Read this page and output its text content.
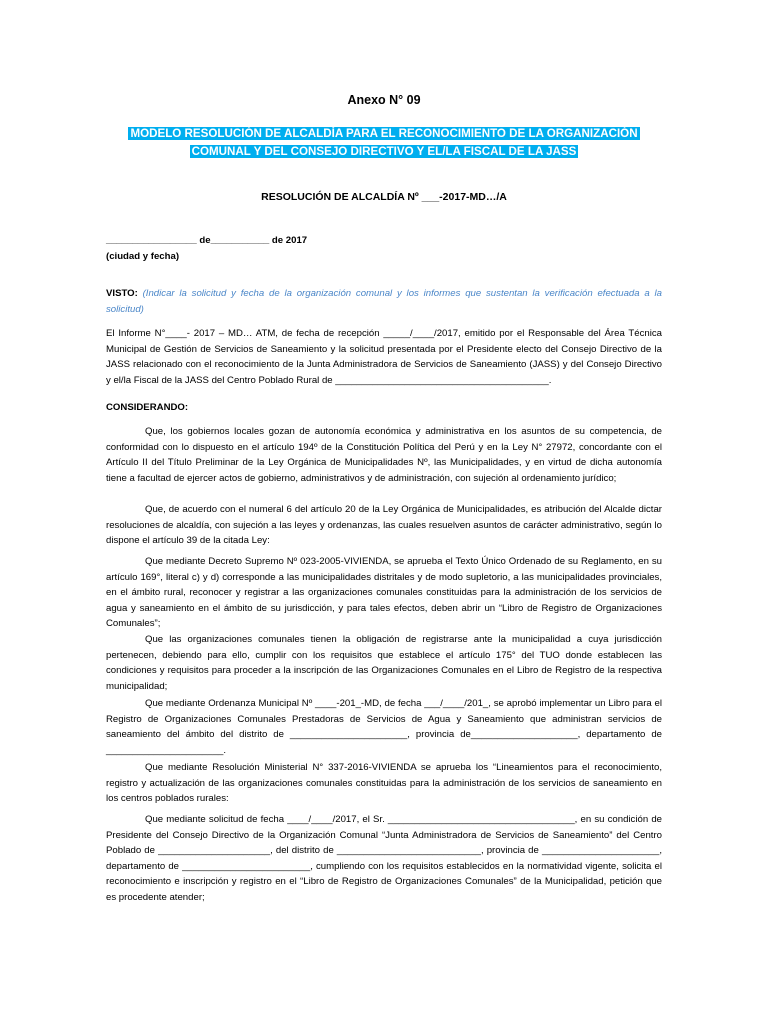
Anexo N° 09
MODELO RESOLUCIÓN DE ALCALDÍA PARA EL RECONOCIMIENTO DE LA ORGANIZACIÓN
COMUNAL Y DEL CONSEJO DIRECTIVO Y EL/LA FISCAL DE LA JASS
RESOLUCIÓN DE ALCALDÍA Nº ___-2017-MD…/A

_________________ de___________ de 2017

(ciudad y fecha)

VISTO: (Indicar la solicitud y fecha de la organización comunal y los informes que sustentan la verificación efectuada a la solicitud)

El Informe N°____- 2017 – MD… ATM, de fecha de recepción _____/____/2017, emitido por el Responsable del Área Técnica Municipal de Gestión de Servicios de Saneamiento y la solicitud presentada por el Presidente electo del Consejo Directivo de la JASS relacionado con el reconocimiento de la Junta Administradora de Servicios de Saneamiento (JASS) y del Consejo Directivo y el/la Fiscal de la JASS del Centro Poblado Rural de ________________________________________.

CONSIDERANDO:

Que, los gobiernos locales gozan de autonomía económica y administrativa en los asuntos de su competencia, de conformidad con lo dispuesto en el artículo 194º de la Constitución Política del Perú y en la Ley N° 27972, concordante con el Artículo II del Título Preliminar de la Ley Orgánica de Municipalidades Nº, las Municipalidades, y en virtud de dicha autonomía tiene a facultad de ejercer actos de gobierno, administrativos y de administración, con sujeción al ordenamiento jurídico;

Que, de acuerdo con el numeral 6 del artículo 20 de la Ley Orgánica de Municipalidades, es atribución del Alcalde dictar resoluciones de alcaldía, con sujeción a las leyes y ordenanzas, las cuales resuelven asuntos de carácter administrativo, según lo dispone el artículo 39 de la citada Ley:

Que mediante Decreto Supremo Nº 023-2005-VIVIENDA, se aprueba el Texto Único Ordenado de su Reglamento, en su artículo 169°, literal c) y d) corresponde a las municipalidades distritales y de modo supletorio, a las municipalidades provinciales, en el ámbito rural, reconocer y registrar a las organizaciones comunales constituidas para la administración de los servicios de agua y saneamiento en el ámbito de su jurisdicción, y para tales efectos, deben abrir un “Libro de Registro de Organizaciones Comunales”;

Que las organizaciones comunales tienen la obligación de registrarse ante la municipalidad a cuya jurisdicción pertenecen, debiendo para ello, cumplir con los requisitos que establece el artículo 175° del TUO donde establecen las condiciones y requisitos para proceder a la inscripción de las Organizaciones Comunales en el Libro de Registro de la respectiva municipalidad;

Que mediante Ordenanza Municipal Nº ____-201_-MD, de fecha ___/____/201_, se aprobó implementar un Libro para el Registro de Organizaciones Comunales Prestadoras de Servicios de Agua y Saneamiento que administran servicios de saneamiento del ámbito del distrito de ______________________, provincia de____________________, departamento de ______________________.

Que mediante Resolución Ministerial N° 337-2016-VIVIENDA se aprueba los “Lineamientos para el reconocimiento, registro y actualización de las organizaciones comunales constituidas para la administración de los servicios de saneamiento en los centros poblados rurales:

Que mediante solicitud de fecha ____/____/2017, el Sr. ___________________________________, en su condición de Presidente del Consejo Directivo de la Organización Comunal “Junta Administradora de Servicios de Saneamiento” del Centro Poblado de _____________________, del distrito de ___________________________, provincia de ______________________, departamento de ________________________, cumpliendo con los requisitos establecidos en la normatividad vigente, solicita el reconocimiento e inscripción y registro en el “Libro de Registro de Organizaciones Comunales” de la Municipalidad, petición que es procedente atender;
